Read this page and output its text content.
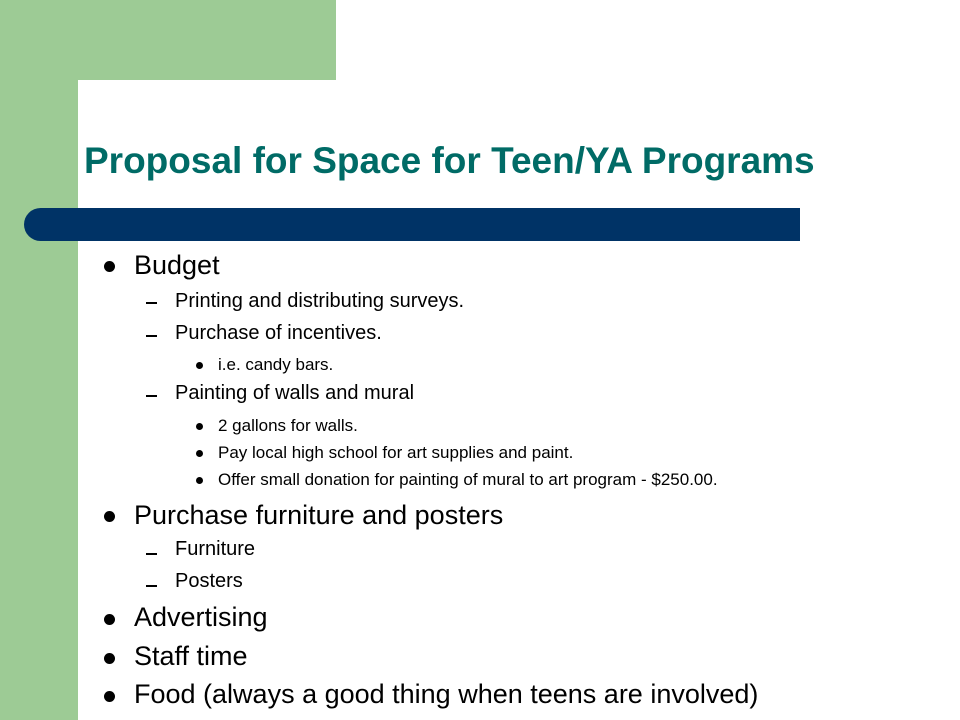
Proposal for Space for Teen/YA Programs
Budget
Printing and distributing surveys.
Purchase of incentives.
i.e. candy bars.
Painting of walls and mural
2 gallons for walls.
Pay local high school for art supplies and paint.
Offer small donation for painting of mural to art program - $250.00.
Purchase furniture and posters
Furniture
Posters
Advertising
Staff time
Food (always a good thing when teens are involved)
